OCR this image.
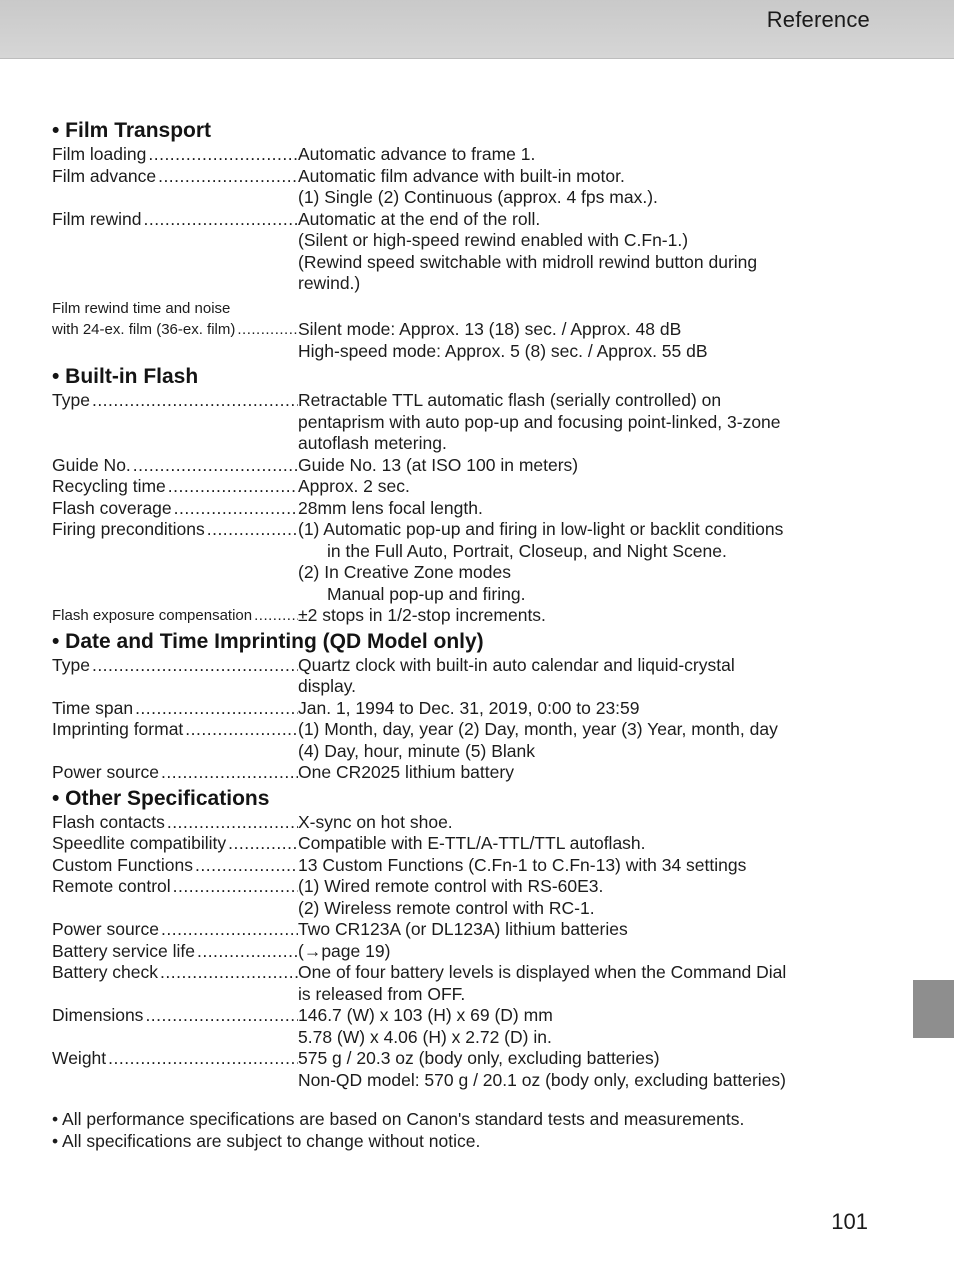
Reference
• Film Transport
Film loading .....	Automatic advance to frame 1.
Film advance .....	Automatic film advance with built-in motor.
(1) Single (2) Continuous (approx. 4 fps max.).
Film rewind .....	Automatic at the end of the roll.
(Silent or high-speed rewind enabled with C.Fn-1.)
(Rewind speed switchable with midroll rewind button during
rewind.)
Film rewind time and noise
with 24-ex. film (36-ex. film) .....	Silent mode: Approx. 13 (18) sec. / Approx. 48 dB
High-speed mode: Approx. 5 (8) sec. / Approx. 55 dB
• Built-in Flash
Type .....	Retractable TTL automatic flash (serially controlled) on
pentaprism with auto pop-up and focusing point-linked, 3-zone
autoflash metering.
Guide No. .....	Guide No. 13 (at ISO 100 in meters)
Recycling time .....	Approx. 2 sec.
Flash coverage .....	28mm lens focal length.
Firing preconditions .....	(1) Automatic pop-up and firing in low-light or backlit conditions
in the Full Auto, Portrait, Closeup, and Night Scene.
(2) In Creative Zone modes
Manual pop-up and firing.
Flash exposure compensation .....	±2 stops in 1/2-stop increments.
• Date and Time Imprinting (QD Model only)
Type .....	Quartz clock with built-in auto calendar and liquid-crystal
display.
Time span .....	Jan. 1, 1994 to Dec. 31, 2019, 0:00 to 23:59
Imprinting format .....	(1) Month, day, year (2) Day, month, year (3) Year, month, day
(4) Day, hour, minute (5) Blank
Power source .....	One CR2025 lithium battery
• Other Specifications
Flash contacts .....	X-sync on hot shoe.
Speedlite compatibility .....	Compatible with E-TTL/A-TTL/TTL autoflash.
Custom Functions .....	13 Custom Functions (C.Fn-1 to C.Fn-13) with 34 settings
Remote control .....	(1) Wired remote control with RS-60E3.
(2) Wireless remote control with RC-1.
Power source .....	Two CR123A (or DL123A) lithium batteries
Battery service life .....	(→page 19)
Battery check .....	One of four battery levels is displayed when the Command Dial
is released from OFF.
Dimensions .....	146.7 (W) x 103 (H) x 69 (D) mm
5.78 (W) x 4.06 (H) x 2.72 (D) in.
Weight .....	575 g / 20.3 oz (body only, excluding batteries)
Non-QD model: 570 g / 20.1 oz (body only, excluding batteries)
• All performance specifications are based on Canon's standard tests and measurements.
• All specifications are subject to change without notice.
101
